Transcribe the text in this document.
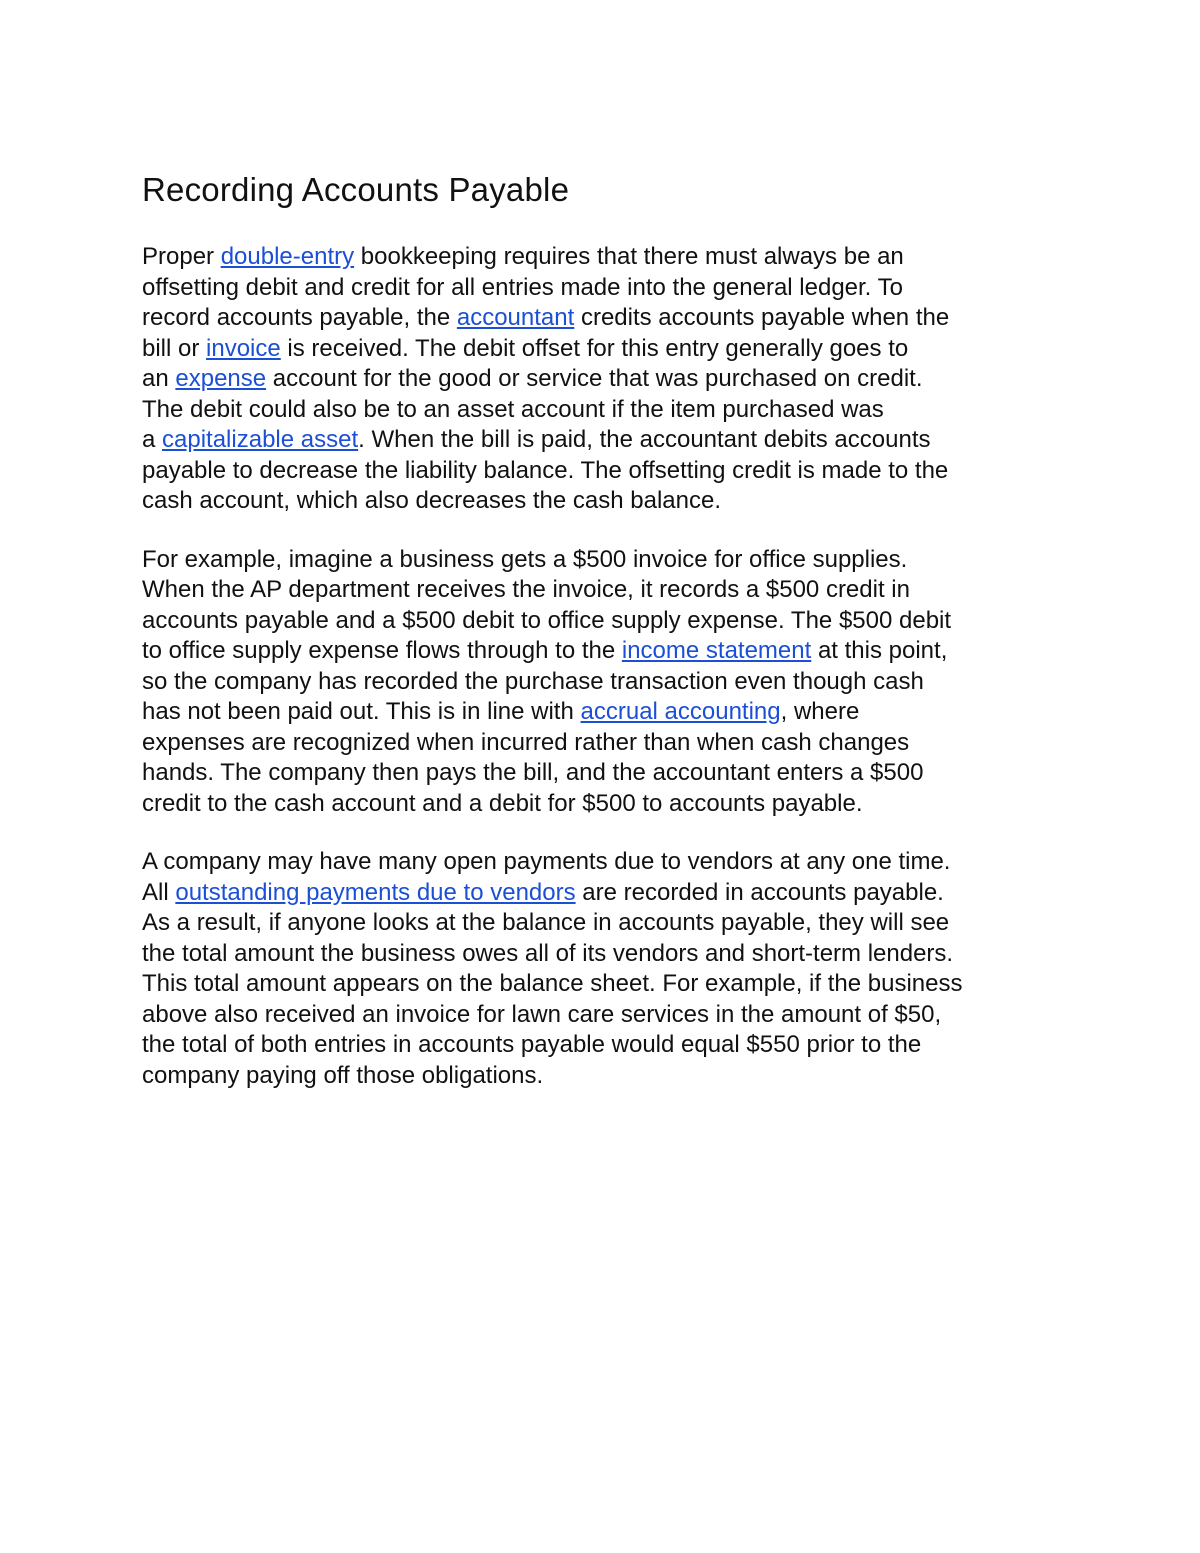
Recording Accounts Payable

Proper double-entry bookkeeping requires that there must always be an
offsetting debit and credit for all entries made into the general ledger. To
record accounts payable, the accountant credits accounts payable when the
bill or invoice is received. The debit offset for this entry generally goes to
an expense account for the good or service that was purchased on credit.
The debit could also be to an asset account if the item purchased was
a capitalizable asset. When the bill is paid, the accountant debits accounts
payable to decrease the liability balance. The offsetting credit is made to the
cash account, which also decreases the cash balance.

For example, imagine a business gets a $500 invoice for office supplies.
When the AP department receives the invoice, it records a $500 credit in
accounts payable and a $500 debit to office supply expense. The $500 debit
to office supply expense flows through to the income statement at this point,
so the company has recorded the purchase transaction even though cash
has not been paid out. This is in line with accrual accounting, where
expenses are recognized when incurred rather than when cash changes
hands. The company then pays the bill, and the accountant enters a $500
credit to the cash account and a debit for $500 to accounts payable.

A company may have many open payments due to vendors at any one time.
All outstanding payments due to vendors are recorded in accounts payable.
As a result, if anyone looks at the balance in accounts payable, they will see
the total amount the business owes all of its vendors and short-term lenders.
This total amount appears on the balance sheet. For example, if the business
above also received an invoice for lawn care services in the amount of $50,
the total of both entries in accounts payable would equal $550 prior to the
company paying off those obligations.
